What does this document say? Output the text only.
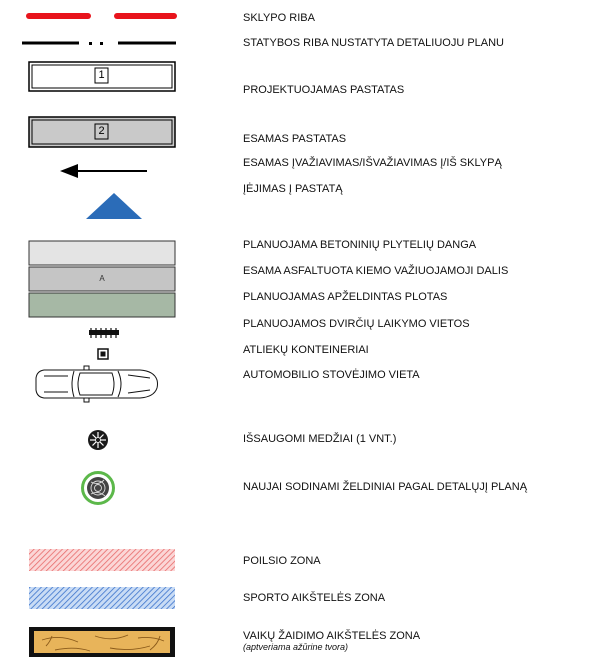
1
2
A
SKLYPO RIBA
STATYBOS RIBA NUSTATYTA DETALIUOJU PLANU
PROJEKTUOJAMAS PASTATAS
ESAMAS PASTATAS
ESAMAS ĮVAŽIAVIMAS/IŠVAŽIAVIMAS Į/IŠ SKLYPĄ
ĮĖJIMAS Į PASTATĄ
PLANUOJAMA BETONINIŲ PLYTELIŲ DANGA
ESAMA ASFALTUOTA KIEMO VAŽIUOJAMOJI DALIS
PLANUOJAMAS APŽELDINTAS PLOTAS
PLANUOJAMOS DVIRČIŲ LAIKYMO VIETOS
ATLIEKŲ KONTEINERIAI
AUTOMOBILIO STOVĖJIMO VIETA
IŠSAUGOMI MEDŽIAI (1 VNT.)
NAUJAI SODINAMI ŽELDINIAI PAGAL DETALŲJĮ PLANĄ
POILSIO ZONA
SPORTO AIKŠTELĖS ZONA
VAIKŲ ŽAIDIMO AIKŠTELĖS ZONA
(aptveriama ažūrine tvora)
